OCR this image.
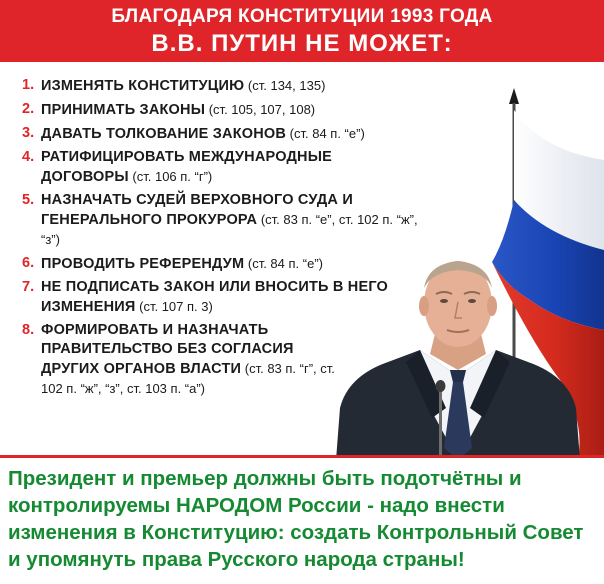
БЛАГОДАРЯ КОНСТИТУЦИИ 1993 ГОДА
В.В. ПУТИН НЕ МОЖЕТ:
1. ИЗМЕНЯТЬ КОНСТИТУЦИЮ (ст. 134, 135)
2. ПРИНИМАТЬ ЗАКОНЫ (ст. 105, 107, 108)
3. ДАВАТЬ ТОЛКОВАНИЕ ЗАКОНОВ (ст. 84 п. “е”)
4. РАТИФИЦИРОВАТЬ МЕЖДУНАРОДНЫЕ ДОГОВОРЫ (ст. 106 п. “г”)
5. НАЗНАЧАТЬ СУДЕЙ ВЕРХОВНОГО СУДА И ГЕНЕРАЛЬНОГО ПРОКУРОРА (ст. 83 п. “е”, ст. 102 п. “ж”, “з”)
6. ПРОВОДИТЬ РЕФЕРЕНДУМ (ст. 84 п. “е”)
7. НЕ ПОДПИСАТЬ ЗАКОН ИЛИ ВНОСИТЬ В НЕГО ИЗМЕНЕНИЯ (ст. 107 п. 3)
8. ФОРМИРОВАТЬ И НАЗНАЧАТЬ ПРАВИТЕЛЬСТВО БЕЗ СОГЛАСИЯ ДРУГИХ ОРГАНОВ ВЛАСТИ (ст. 83 п. “г”, ст. 102 п. “ж”, “з”, ст. 103 п. “а”)
Президент и премьер должны быть подотчётны и контролируемы НАРОДОМ России - надо внести изменения в Конституцию: создать Контрольный Совет и упомянуть права Русского народа страны!
